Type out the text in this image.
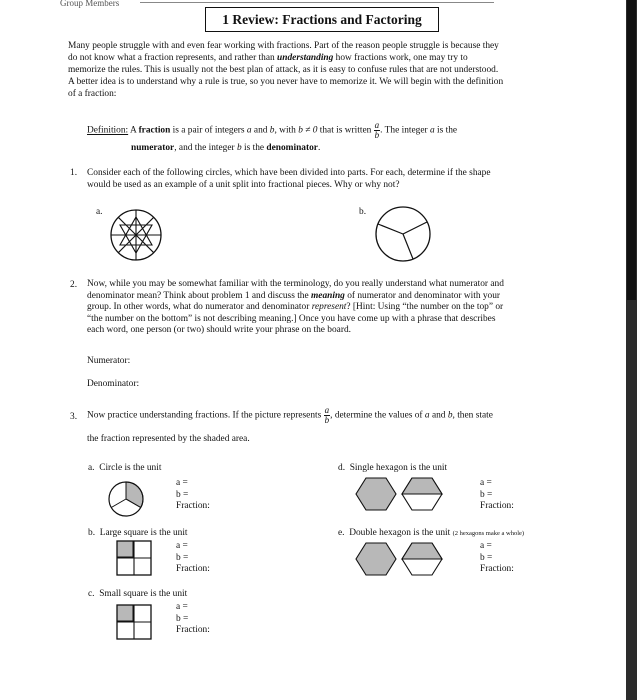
Group Members
1 Review: Fractions and Factoring
Many people struggle with and even fear working with fractions. Part of the reason people struggle is because they
do not know what a fraction represents, and rather than understanding how fractions work, one may try to
memorize the rules. This is usually not the best plan of attack, as it is easy to confuse rules that are not understood.
A better idea is to understand why a rule is true, so you never have to memorize it. We will begin with the definition
of a fraction:
Definition: A fraction is a pair of integers a and b, with b ≠ 0 that is written $\frac{a}{b}$ . The integer a is the
numerator, and the integer b is the denominator.
1. Consider each of the following circles, which have been divided into parts. For each, determine if the shape
would be used as an example of a unit split into fractional pieces. Why or why not?
a.	b.
2. Now, while you may be somewhat familiar with the terminology, do you really understand what numerator and
denominator mean? Think about problem 1 and discuss the meaning of numerator and denominator with your
group. In other words, what do numerator and denominator represent? [Hint: Using “the number on the top” or
“the number on the bottom” is not describing meaning.] Once you have come up with a phrase that describes
each word, one person (or two) should write your phrase on the board.
Numerator:
Denominator:
3. Now practice understanding fractions. If the picture represents $\frac{a}{b}$ , determine the values of a and b, then state
the fraction represented by the shaded area.
a. Circle is the unit
a =
b =
Fraction:
b. Large square is the unit
a =
b =
Fraction:
c. Small square is the unit
a =
b =
Fraction:
d. Single hexagon is the unit
a =
b =
Fraction:
e. Double hexagon is the unit (2 hexagons make a whole)
a =
b =
Fraction:
